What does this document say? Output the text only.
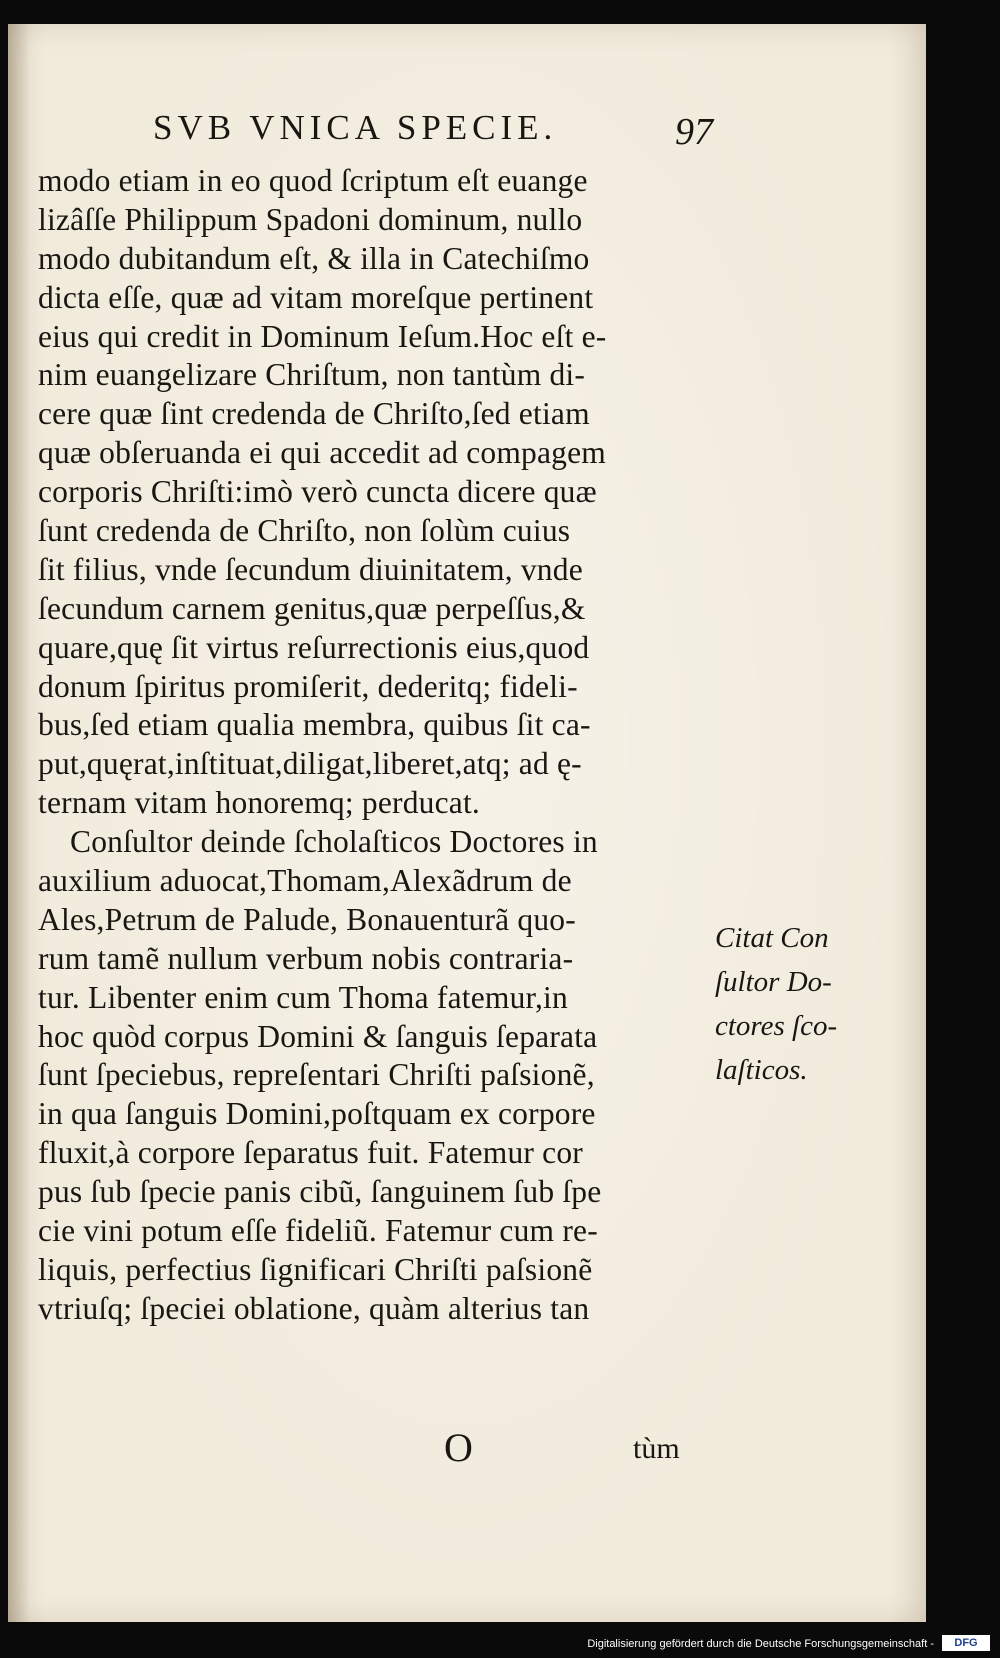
SVB VNICA SPECIE.	97
modo etiam in eo quod ſcriptum eſt euange
lizâſſe Philippum Spadoni dominum, nullo
modo dubitandum eſt, & illa in Catechiſmo
dicta eſſe, quæ ad vitam moreſque pertinent
eius qui credit in Dominum Ieſum.Hoc eſt e-
nim euangelizare Chriſtum, non tantùm di-
cere quæ ſint credenda de Chriſto,ſed etiam
quæ obſeruanda ei qui accedit ad compagem
corporis Chriſti:imò verò cuncta dicere quæ
ſunt credenda de Chriſto, non ſolùm cuius
ſit filius, vnde ſecundum diuinitatem, vnde
ſecundum carnem genitus,quæ perpeſſus,&
quare,quę ſit virtus reſurrectionis eius,quod
donum ſpiritus promiſerit, dederitq; fideli-
bus,ſed etiam qualia membra, quibus ſit ca-
put,quęrat,inſtituat,diligat,liberet,atq; ad ę-
ternam vitam honoremq; perducat.
Conſultor deinde ſcholaſticos Doctores in
auxilium aduocat,Thomam,Alexãdrum de
Ales,Petrum de Palude, Bonauenturã quo-
rum tamẽ nullum verbum nobis contraria-
tur. Libenter enim cum Thoma fatemur,in
hoc quòd corpus Domini & ſanguis ſeparata
ſunt ſpeciebus, repreſentari Chriſti paſsionẽ,
in qua ſanguis Domini,poſtquam ex corpore
fluxit,à corpore ſeparatus fuit. Fatemur cor
pus ſub ſpecie panis cibũ, ſanguinem ſub ſpe
cie vini potum eſſe fideliũ. Fatemur cum re-
liquis, perfectius ſignificari Chriſti paſsionẽ
vtriuſq; ſpeciei oblatione, quàm alterius tan
Citat Con
ſultor Do-
ctores ſco-
laſticos.
O	tùm
Digitalisierung gefördert durch die Deutsche Forschungsgemeinschaft -	DFG
